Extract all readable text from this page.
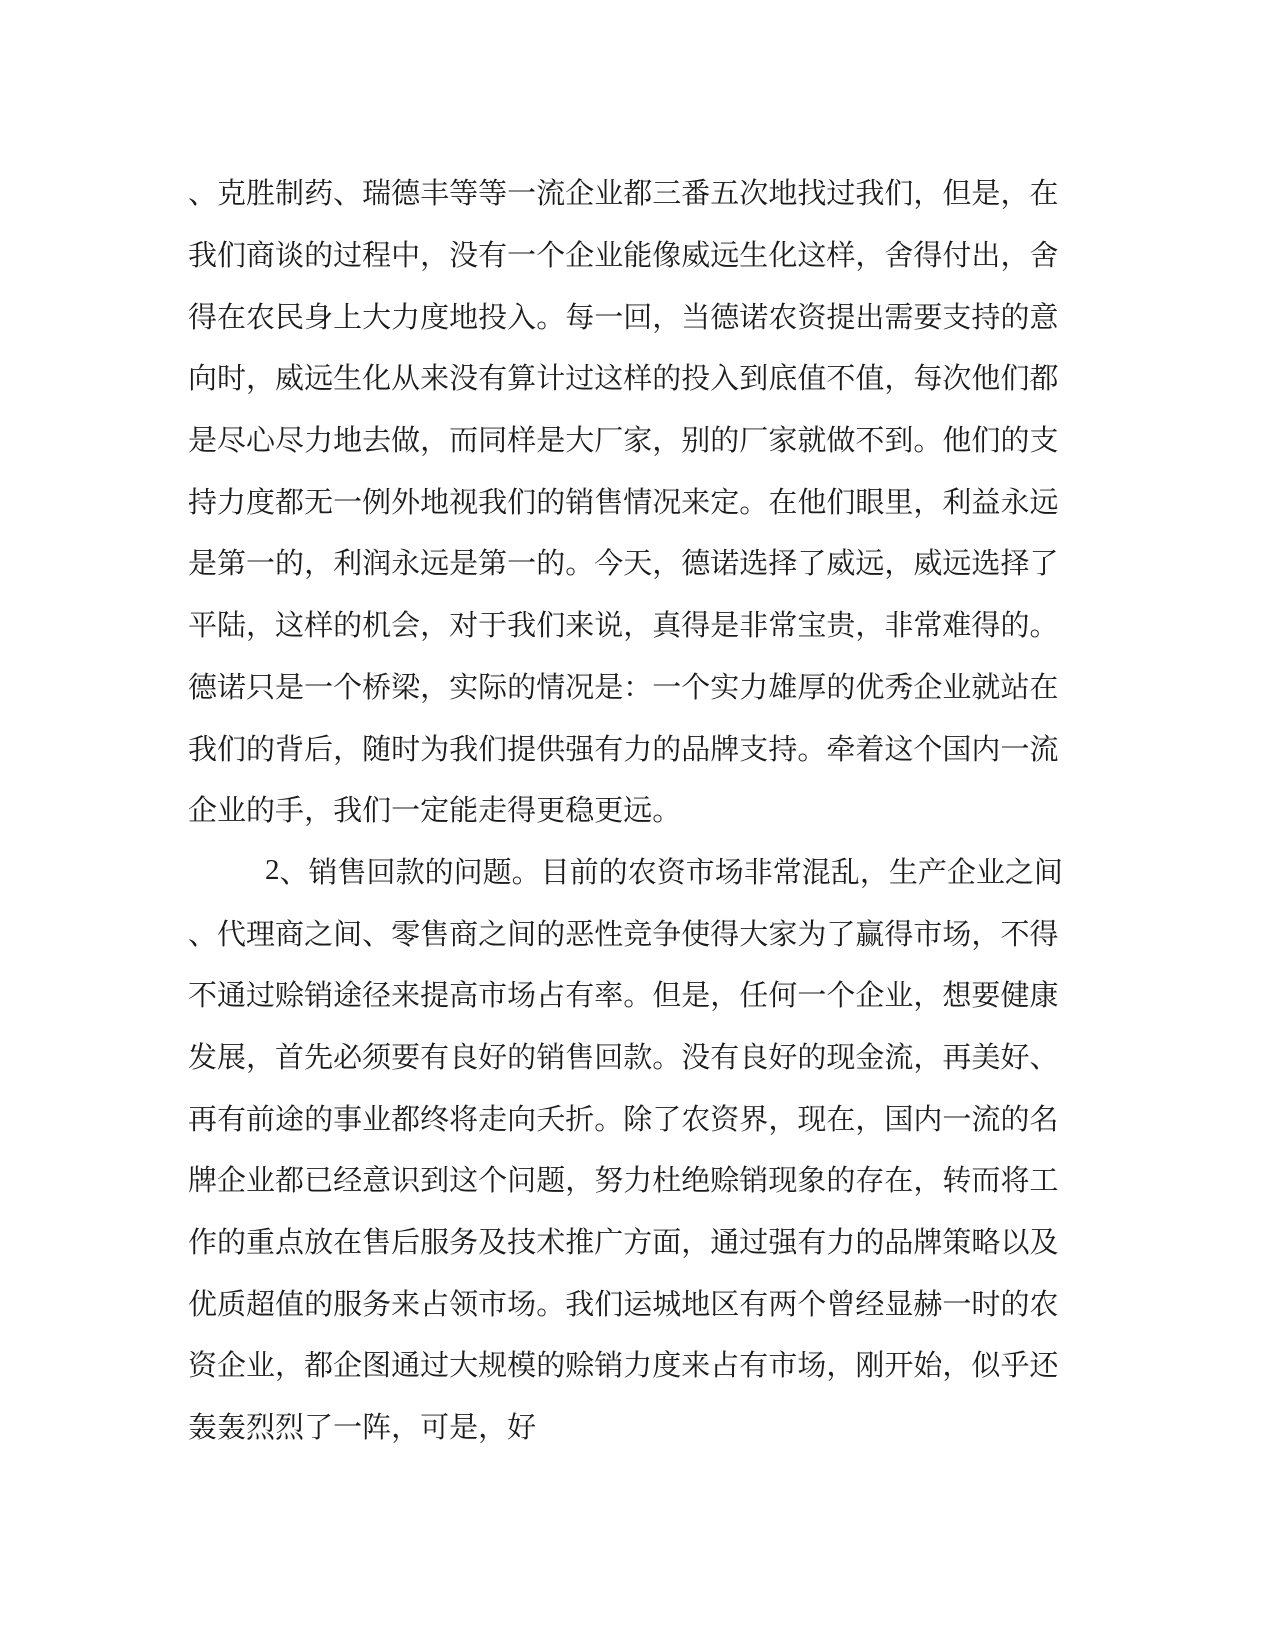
、 克 胜 制 药 、 瑞 德 丰 等 等 一 流 企 业 都 三 番 五 次 地 找 过 我 们 ， 但 是 ， 在
我 们 商 谈 的 过 程 中 ， 没 有 一 个 企 业 能 像 威 远 生 化 这 样 ， 舍 得 付 出 ， 舍
得 在 农 民 身 上 大 力 度 地 投 入 。 每 一 回 ， 当 德 诺 农 资 提 出 需 要 支 持 的 意
向 时 ， 威 远 生 化 从 来 没 有 算 计 过 这 样 的 投 入 到 底 值 不 值 ， 每 次 他 们 都
是 尽 心 尽 力 地 去 做 ， 而 同 样 是 大 厂 家 ， 别 的 厂 家 就 做 不 到 。 他 们 的 支
持 力 度 都 无 一 例 外 地 视 我 们 的 销 售 情 况 来 定 。 在 他 们 眼 里 ， 利 益 永 远
是 第 一 的 ， 利 润 永 远 是 第 一 的 。 今 天 ， 德 诺 选 择 了 威 远 ， 威 远 选 择 了
平 陆 ， 这 样 的 机 会 ， 对 于 我 们 来 说 ， 真 得 是 非 常 宝 贵 ， 非 常 难 得 的 。
德 诺 只 是 一 个 桥 梁 ， 实 际 的 情 况 是 ： 一 个 实 力 雄 厚 的 优 秀 企 业 就 站 在
我 们 的 背 后 ， 随 时 为 我 们 提 供 强 有 力 的 品 牌 支 持 。 牵 着 这 个 国 内 一 流
企 业 的 手 ， 我 们 一 定 能 走 得 更 稳 更 远 。
2 、 销 售 回 款 的 问 题 。 目 前 的 农 资 市 场 非 常 混 乱 ， 生 产 企 业 之 间
、 代 理 商 之 间 、 零 售 商 之 间 的 恶 性 竞 争 使 得 大 家 为 了 赢 得 市 场 ， 不 得
不 通 过 赊 销 途 径 来 提 高 市 场 占 有 率 。 但 是 ， 任 何 一 个 企 业 ， 想 要 健 康
发 展 ， 首 先 必 须 要 有 良 好 的 销 售 回 款 。 没 有 良 好 的 现 金 流 ， 再 美 好 、
再 有 前 途 的 事 业 都 终 将 走 向 夭 折 。 除 了 农 资 界 ， 现 在 ， 国 内 一 流 的 名
牌 企 业 都 已 经 意 识 到 这 个 问 题 ， 努 力 杜 绝 赊 销 现 象 的 存 在 ， 转 而 将 工
作 的 重 点 放 在 售 后 服 务 及 技 术 推 广 方 面 ， 通 过 强 有 力 的 品 牌 策 略 以 及
优 质 超 值 的 服 务 来 占 领 市 场 。 我 们 运 城 地 区 有 两 个 曾 经 显 赫 一 时 的 农
资 企 业 ， 都 企 图 通 过 大 规 模 的 赊 销 力 度 来 占 有 市 场 ， 刚 开 始 ， 似 乎 还
轰 轰 烈 烈 了 一 阵 ， 可 是 ， 好
